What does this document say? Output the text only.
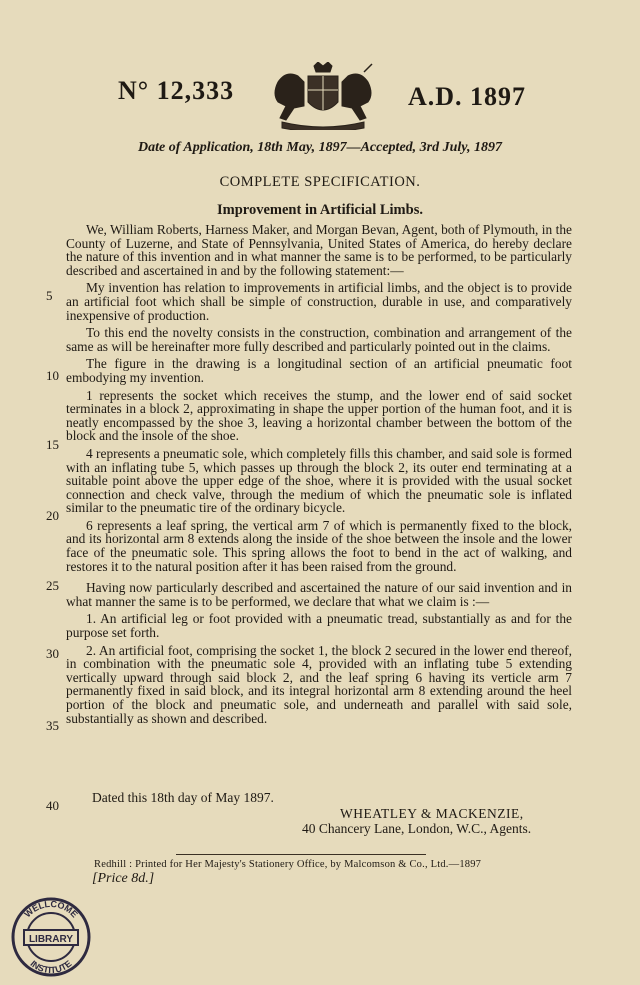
N° 12,333	A.D. 1897
Date of Application, 18th May, 1897—Accepted, 3rd July, 1897
COMPLETE SPECIFICATION.
Improvement in Artificial Limbs.

We, William Roberts, Harness Maker, and Morgan Bevan, Agent, both of Plymouth, in the County of Luzerne, and State of Pennsylvania, United States of America, do hereby declare the nature of this invention and in what manner the same is to be performed, to be particularly described and ascertained in and by the following statement:—

My invention has relation to improvements in artificial limbs, and the object is to provide an artificial foot which shall be simple of construction, durable in use, and comparatively inexpensive of production.

To this end the novelty consists in the construction, combination and arrangement of the same as will be hereinafter more fully described and particularly pointed out in the claims.

The figure in the drawing is a longitudinal section of an artificial pneumatic foot embodying my invention.

1 represents the socket which receives the stump, and the lower end of said socket terminates in a block 2, approximating in shape the upper portion of the human foot, and it is neatly encompassed by the shoe 3, leaving a horizontal chamber between the bottom of the block and the insole of the shoe.

4 represents a pneumatic sole, which completely fills this chamber, and said sole is formed with an inflating tube 5, which passes up through the block 2, its outer end terminating at a suitable point above the upper edge of the shoe, where it is provided with the usual socket connection and check valve, through the medium of which the pneumatic sole is inflated similar to the pneumatic tire of the ordinary bicycle.

6 represents a leaf spring, the vertical arm 7 of which is permanently fixed to the block, and its horizontal arm 8 extends along the inside of the shoe between the insole and the lower face of the pneumatic sole. This spring allows the foot to bend in the act of walking, and restores it to the natural position after it has been raised from the ground.

Having now particularly described and ascertained the nature of our said invention and in what manner the same is to be performed, we declare that what we claim is :—

1. An artificial leg or foot provided with a pneumatic tread, substantially as and for the purpose set forth.

2. An artificial foot, comprising the socket 1, the block 2 secured in the lower end thereof, in combination with the pneumatic sole 4, provided with an inflating tube 5 extending vertically upward through said block 2, and the leaf spring 6 having its verticle arm 7 permanently fixed in said block, and its integral horizontal arm 8 extending around the heel portion of the block and pneumatic sole, and underneath and parallel with said sole, substantially as shown and described.

5
10
15
20
25
30
35
40
Dated this 18th day of May 1897.
WHEATLEY & MACKENZIE,
40 Chancery Lane, London, W.C., Agents.
Redhill : Printed for Her Majesty's Stationery Office, by Malcomson & Co., Ltd.—1897
[Price 8d.]
LIBRARY
WELLCOME
INSTITUTE
